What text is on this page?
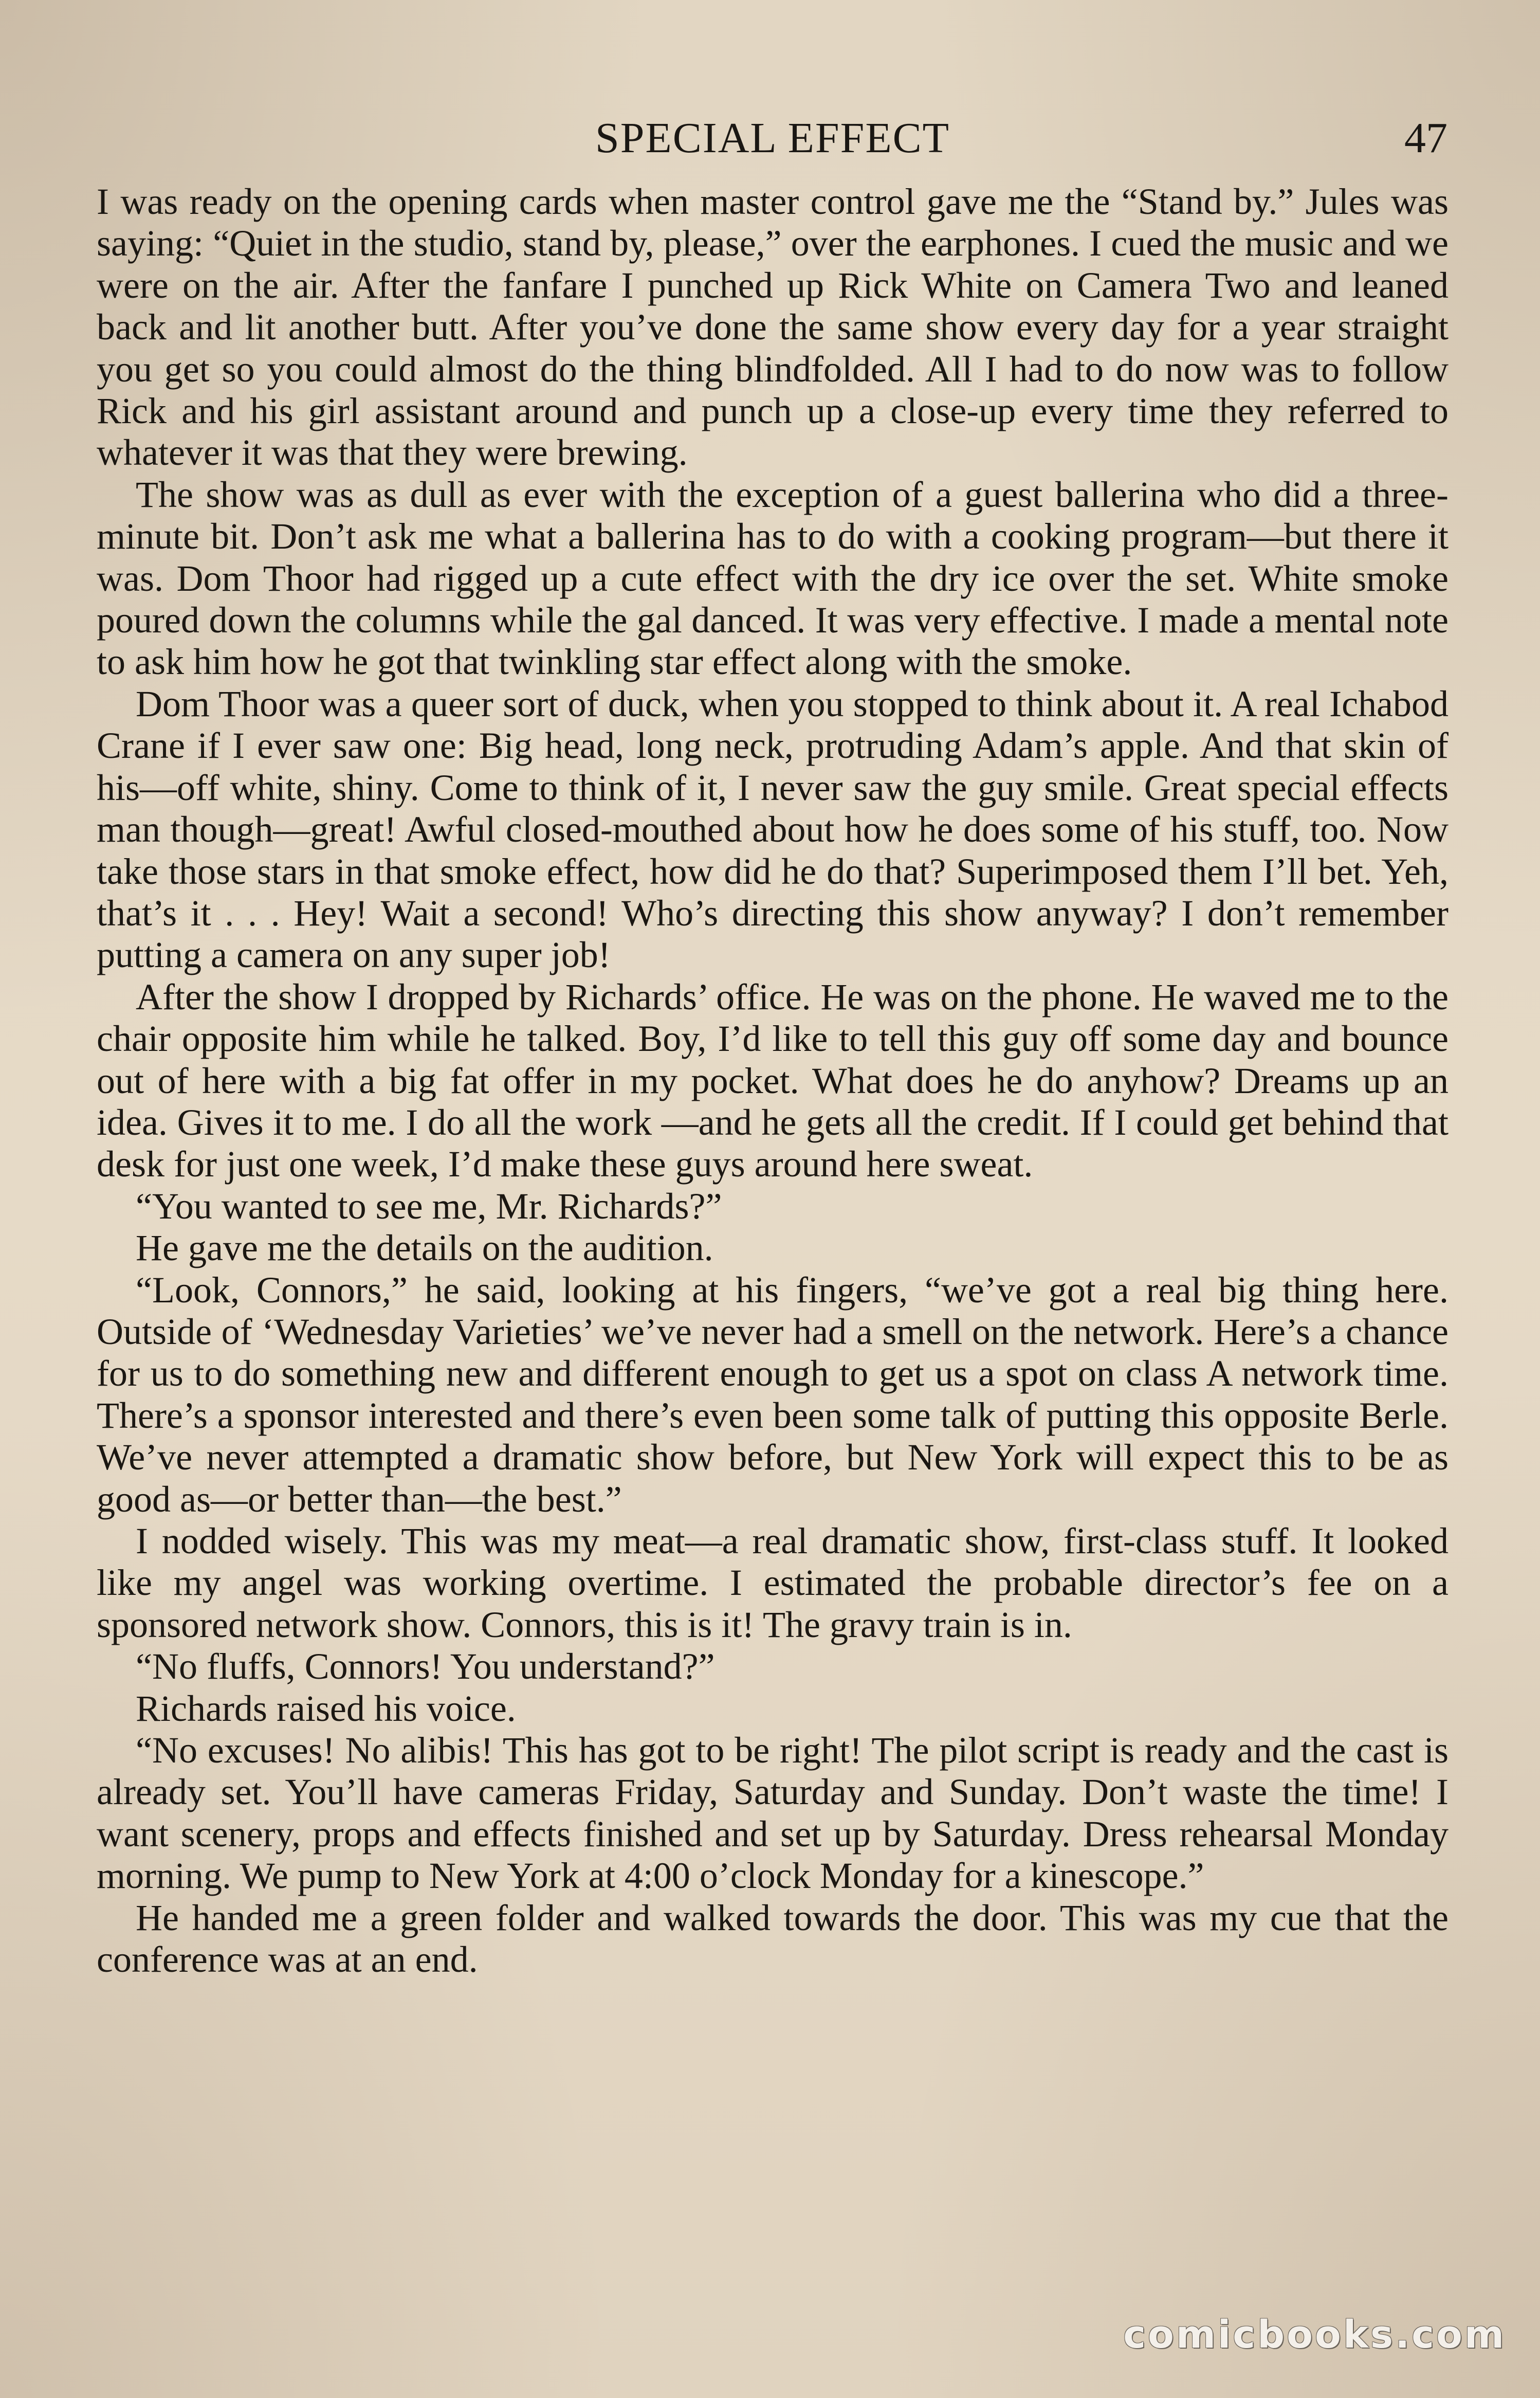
SPECIAL EFFECT	47

I was ready on the opening cards when master control gave me the “Stand by.” Jules was saying: “Quiet in the studio, stand by, please,” over the earphones. I cued the music and we were on the air. After the fanfare I punched up Rick White on Camera Two and leaned back and lit another butt. After you’ve done the same show every day for a year straight you get so you could almost do the thing blindfolded. All I had to do now was to follow Rick and his girl assistant around and punch up a close-up every time they referred to whatever it was that they were brewing.

The show was as dull as ever with the exception of a guest ballerina who did a three-minute bit. Don’t ask me what a ballerina has to do with a cooking program—but there it was. Dom Thoor had rigged up a cute effect with the dry ice over the set. White smoke poured down the columns while the gal danced. It was very effective. I made a mental note to ask him how he got that twinkling star effect along with the smoke.

Dom Thoor was a queer sort of duck, when you stopped to think about it. A real Ichabod Crane if I ever saw one: Big head, long neck, protruding Adam’s apple. And that skin of his—off white, shiny. Come to think of it, I never saw the guy smile. Great special effects man though—great! Awful closed-mouthed about how he does some of his stuff, too. Now take those stars in that smoke effect, how did he do that? Superimposed them I’ll bet. Yeh, that’s it . . . Hey! Wait a second! Who’s directing this show anyway? I don’t remember putting a camera on any super job!

After the show I dropped by Richards’ office. He was on the phone. He waved me to the chair opposite him while he talked. Boy, I’d like to tell this guy off some day and bounce out of here with a big fat offer in my pocket. What does he do anyhow? Dreams up an idea. Gives it to me. I do all the work —and he gets all the credit. If I could get behind that desk for just one week, I’d make these guys around here sweat.

“You wanted to see me, Mr. Richards?”

He gave me the details on the audition.

“Look, Connors,” he said, looking at his fingers, “we’ve got a real big thing here. Outside of ‘Wednesday Varieties’ we’ve never had a smell on the network. Here’s a chance for us to do something new and different enough to get us a spot on class A network time. There’s a sponsor interested and there’s even been some talk of putting this opposite Berle. We’ve never attempted a dramatic show before, but New York will expect this to be as good as—or better than—the best.”

I nodded wisely. This was my meat—a real dramatic show, first-class stuff. It looked like my angel was working overtime. I estimated the probable director’s fee on a sponsored network show. Connors, this is it! The gravy train is in.

“No fluffs, Connors! You understand?”

Richards raised his voice.

“No excuses! No alibis! This has got to be right! The pilot script is ready and the cast is already set. You’ll have cameras Friday, Saturday and Sunday. Don’t waste the time! I want scenery, props and effects finished and set up by Saturday. Dress rehearsal Monday morning. We pump to New York at 4:00 o’clock Monday for a kinescope.”

He handed me a green folder and walked towards the door. This was my cue that the conference was at an end.

comicbooks.com
